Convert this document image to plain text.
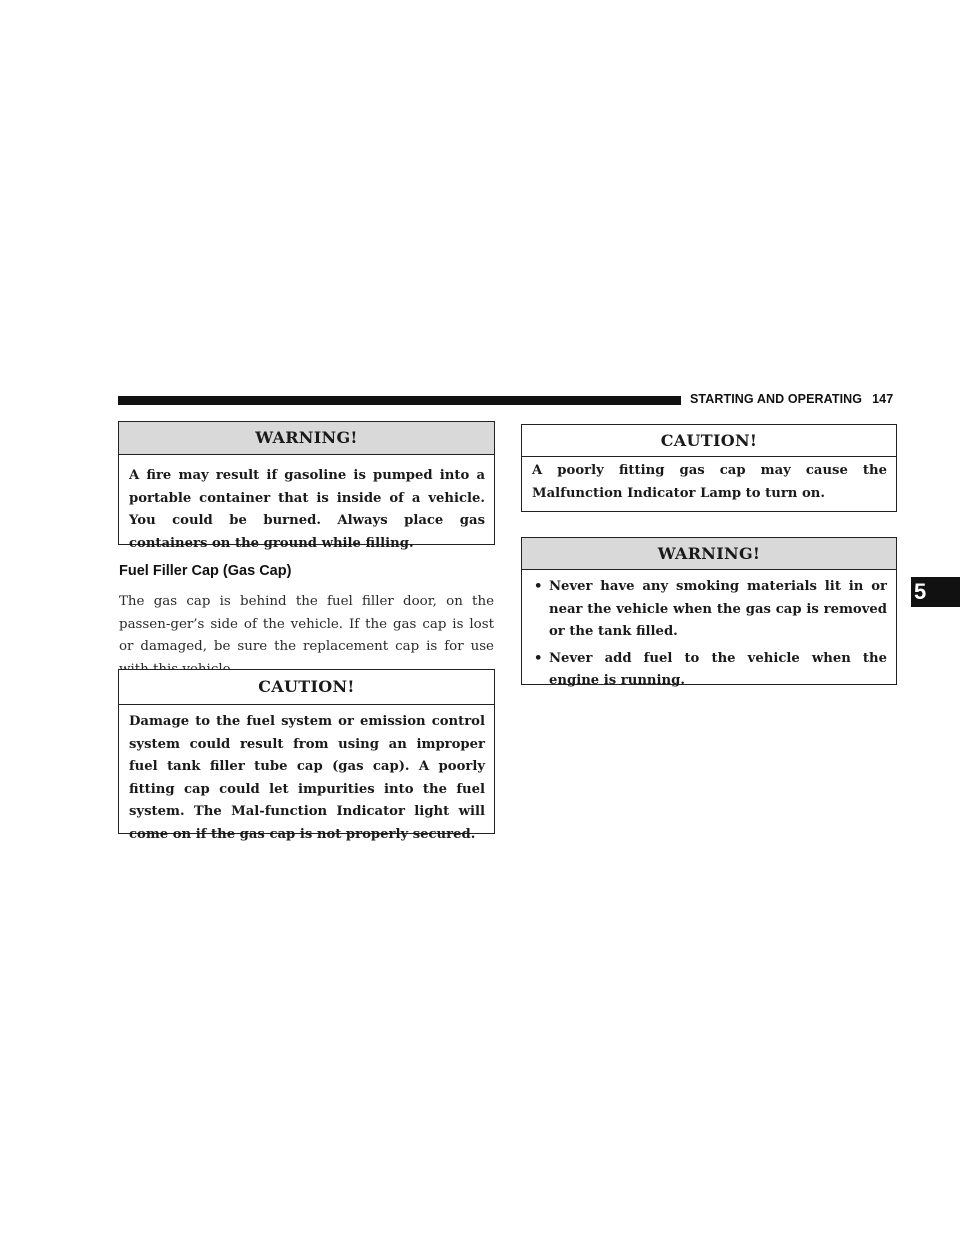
STARTING AND OPERATING 147
WARNING!
A fire may result if gasoline is pumped into a portable container that is inside of a vehicle. You could be burned. Always place gas containers on the ground while filling.
Fuel Filler Cap (Gas Cap)
The gas cap is behind the fuel filler door, on the passen-ger’s side of the vehicle. If the gas cap is lost or damaged, be sure the replacement cap is for use
CAUTION!
Damage to the fuel system or emission control system could result from using an improper fuel tank filler tube cap (gas cap). A poorly fitting cap could let impurities into the fuel system. The Mal-function Indicator light will come on if the gas cap is not properly secured.
CAUTION!
A poorly fitting gas cap may cause the Malfunction Indicator Lamp to turn on.
WARNING!
• Never have any smoking materials lit in or near the vehicle when the gas cap is removed or the tank filled.
• Never add fuel to the vehicle when the engine is running.
5
